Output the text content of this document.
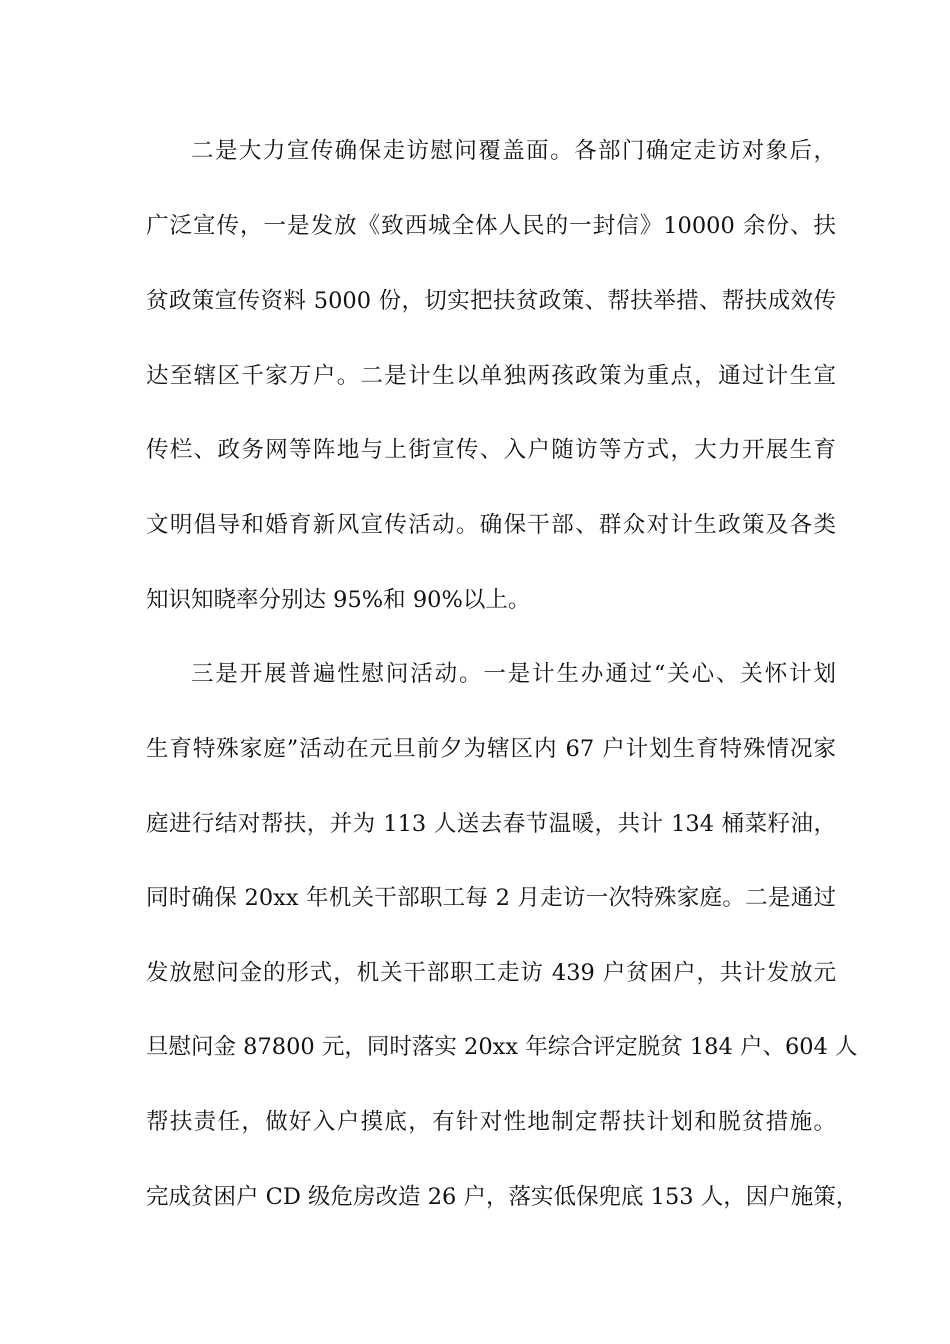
二是大力宣传确保走访慰问覆盖面。各部门确定走访对象后，

广泛宣传，一是发放《致西城全体人民的一封信》10000 余份、扶

贫政策宣传资料 5000 份，切实把扶贫政策、帮扶举措、帮扶成效传

达至辖区千家万户。二是计生以单独两孩政策为重点，通过计生宣

传栏、政务网等阵地与上街宣传、入户随访等方式，大力开展生育

文明倡导和婚育新风宣传活动。确保干部、群众对计生政策及各类

知识知晓率分别达 95%和 90%以上。

三是开展普遍性慰问活动。一是计生办通过“关心、关怀计划

生育特殊家庭”活动在元旦前夕为辖区内 67 户计划生育特殊情况家

庭进行结对帮扶，并为 113 人送去春节温暖，共计 134 桶菜籽油，

同时确保 20xx 年机关干部职工每 2 月走访一次特殊家庭。二是通过

发放慰问金的形式，机关干部职工走访 439 户贫困户，共计发放元

旦慰问金 87800 元，同时落实 20xx 年综合评定脱贫 184 户、604 人

帮扶责任，做好入户摸底，有针对性地制定帮扶计划和脱贫措施。

完成贫困户 CD 级危房改造 26 户，落实低保兜底 153 人，因户施策，
